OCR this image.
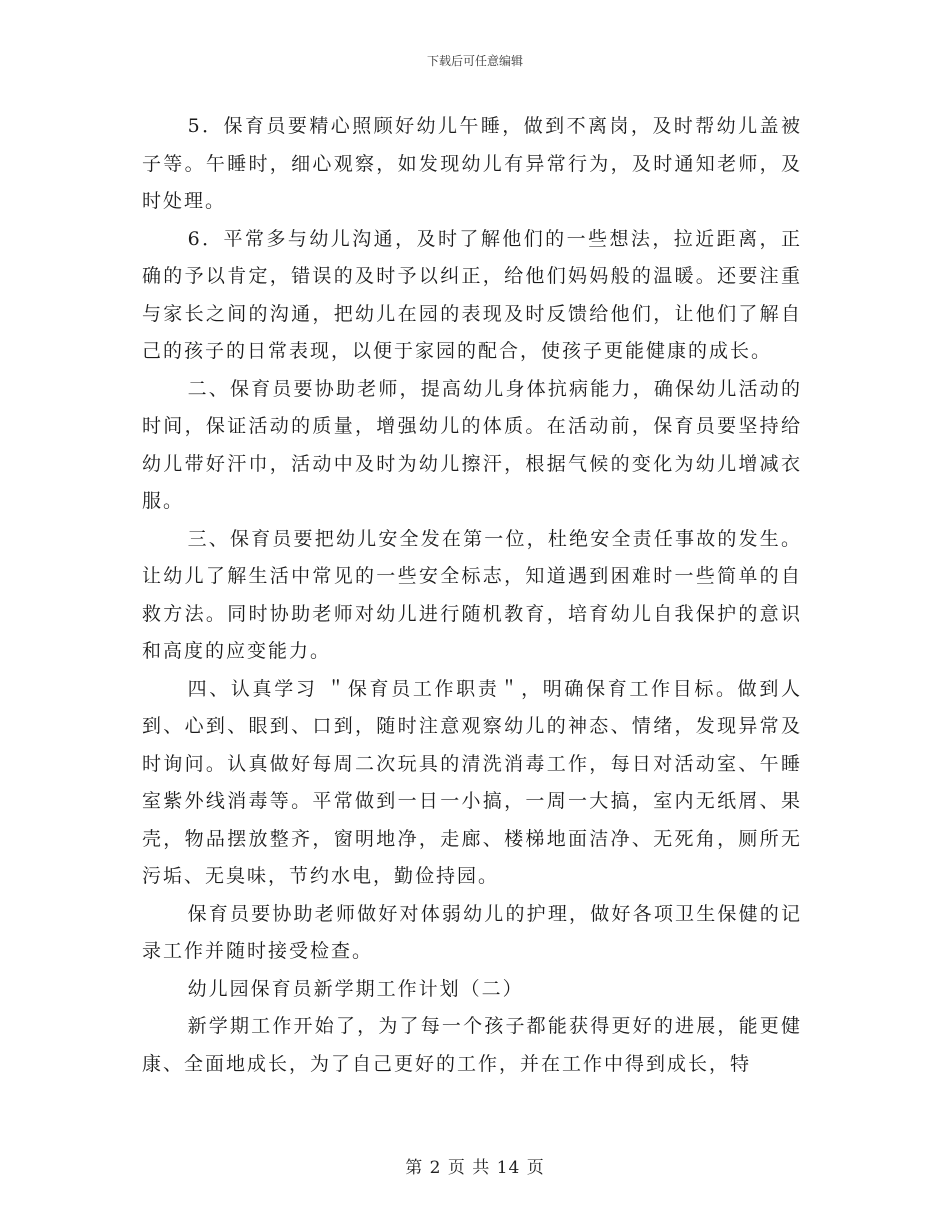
下载后可任意编辑

5．保育员要精心照顾好幼儿午睡，做到不离岗，及时帮幼儿盖被子等。午睡时，细心观察，如发现幼儿有异常行为，及时通知老师，及时处理。

6．平常多与幼儿沟通，及时了解他们的一些想法，拉近距离，正确的予以肯定，错误的及时予以纠正，给他们妈妈般的温暖。还要注重与家长之间的沟通，把幼儿在园的表现及时反馈给他们，让他们了解自己的孩子的日常表现，以便于家园的配合，使孩子更能健康的成长。

二、保育员要协助老师，提高幼儿身体抗病能力，确保幼儿活动的时间，保证活动的质量，增强幼儿的体质。在活动前，保育员要坚持给幼儿带好汗巾，活动中及时为幼儿擦汗，根据气候的变化为幼儿增减衣服。

三、保育员要把幼儿安全发在第一位，杜绝安全责任事故的发生。让幼儿了解生活中常见的一些安全标志，知道遇到困难时一些简单的自救方法。同时协助老师对幼儿进行随机教育，培育幼儿自我保护的意识和高度的应变能力。

四、认真学习 ＂保育员工作职责＂，明确保育工作目标。做到人到、心到、眼到、口到，随时注意观察幼儿的神态、情绪，发现异常及时询问。认真做好每周二次玩具的清洗消毒工作，每日对活动室、午睡室紫外线消毒等。平常做到一日一小搞，一周一大搞，室内无纸屑、果壳，物品摆放整齐，窗明地净，走廊、楼梯地面洁净、无死角，厕所无污垢、无臭味，节约水电，勤俭持园。

保育员要协助老师做好对体弱幼儿的护理，做好各项卫生保健的记录工作并随时接受检查。

幼儿园保育员新学期工作计划（二）

新学期工作开始了，为了每一个孩子都能获得更好的进展，能更健康、全面地成长，为了自己更好的工作，并在工作中得到成长，特

第 2 页 共 14 页
